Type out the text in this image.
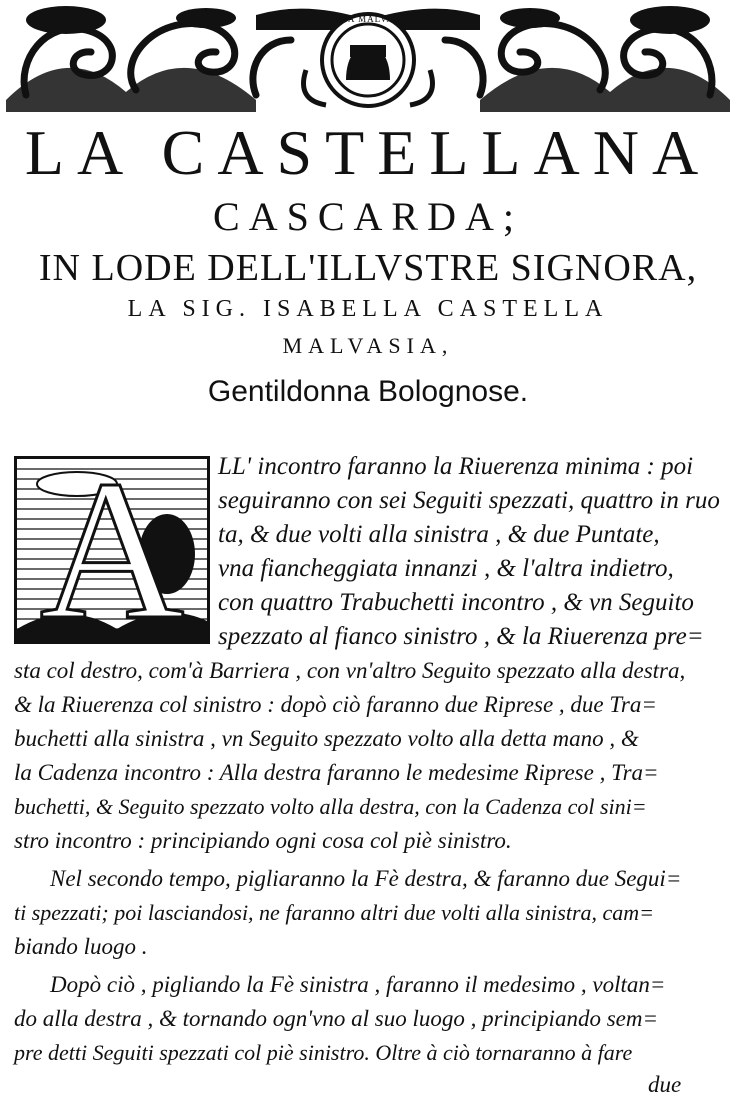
ARMA MALVASIA
LA CASTELLANA
CASCARDA;
IN LODE DELL'ILLVSTRE SIGNORA,
LA SIG. ISABELLA CASTELLA
MALVASIA,
Gentildonna Bolognose.
A	LL' incontro faranno la Riuerenza minima : poi
seguiranno con sei Seguiti spezzati, quattro in ruo
ta, & due volti alla sinistra , & due Puntate,
vna fiancheggiata innanzi , & l'altra indietro,
con quattro Trabuchetti incontro , & vn Seguito
spezzato al fianco sinistro , & la Riuerenza pre=
sta col destro, com'à Barriera , con vn'altro Seguito spezzato alla destra,
& la Riuerenza col sinistro : dopò ciò faranno due Riprese , due Tra=
buchetti alla sinistra , vn Seguito spezzato volto alla detta mano , &
la Cadenza incontro : Alla destra faranno le medesime Riprese , Tra=
buchetti, & Seguito spezzato volto alla destra, con la Cadenza col sini=
stro incontro : principiando ogni cosa col piè sinistro.
Nel secondo tempo, pigliaranno la Fè destra, & faranno due Segui=
ti spezzati; poi lasciandosi, ne faranno altri due volti alla sinistra, cam=
biando luogo .
Dopò ciò , pigliando la Fè sinistra , faranno il medesimo , voltan=
do alla destra , & tornando ogn'vno al suo luogo , principiando sem=
pre detti Seguiti spezzati col piè sinistro. Oltre à ciò tornaranno à fare
due
